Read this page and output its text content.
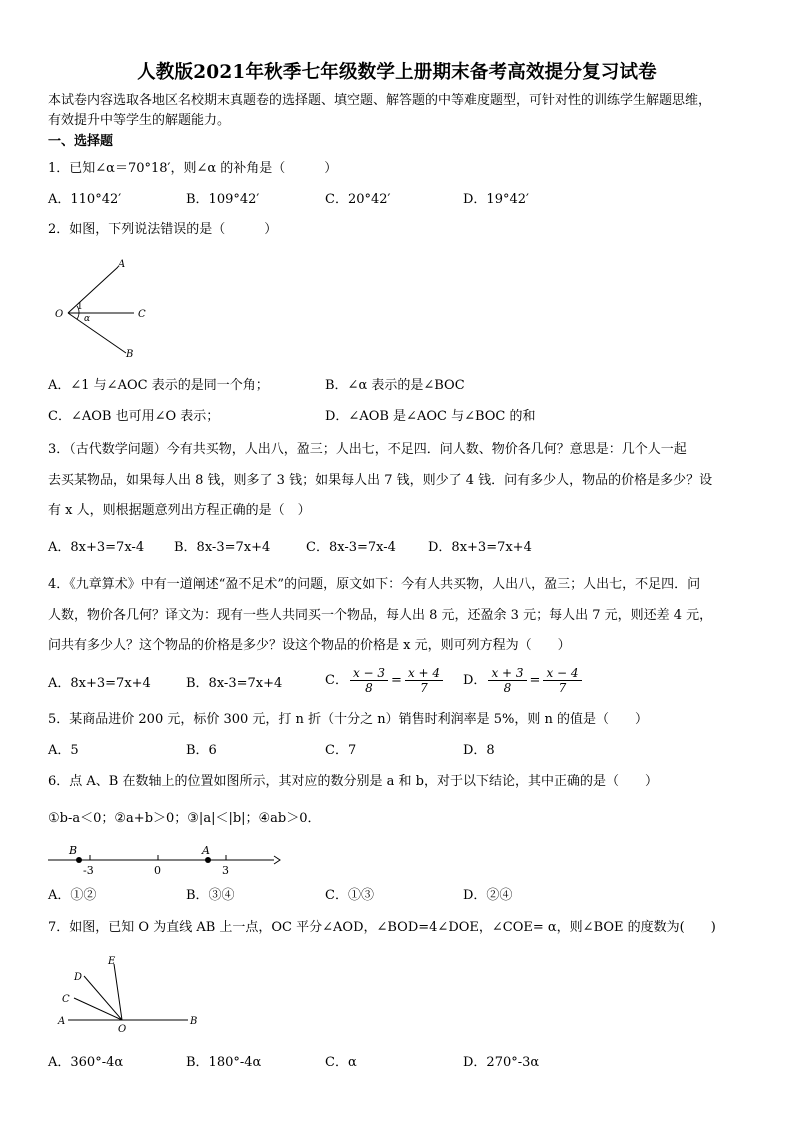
人教版2021年秋季七年级数学上册期末备考高效提分复习试卷
本试卷内容选取各地区名校期末真题卷的选择题、填空题、解答题的中等难度题型，可针对性的训练学生解题思维，
有效提升中等学生的解题能力。
一、选择题
1．已知∠α＝70°18′，则∠α 的补角是（　　　）
A．110°42′	B．109°42′	C．20°42′	D．19°42′
2．如图，下列说法错误的是（　　　）
A
O
1
α	C
B
A．∠1 与∠AOC 表示的是同一个角；	B．∠α 表示的是∠BOC
C．∠AOB 也可用∠O 表示；	D．∠AOB 是∠AOC 与∠BOC 的和
3．（古代数学问题）今有共买物，人出八，盈三；人出七，不足四．问人数、物价各几何？意思是：几个人一起
去买某物品，如果每人出 8 钱，则多了 3 钱；如果每人出 7 钱，则少了 4 钱．问有多少人，物品的价格是多少？设
有 x 人，则根据题意列出方程正确的是（　）
A．8x+3=7x-4 B．8x-3=7x+4	C．8x-3=7x-4 D．8x+3=7x+4
4．《九章算术》中有一道阐述“盈不足术”的问题，原文如下：今有人共买物，人出八，盈三；人出七，不足四．问
人数，物价各几何？译文为：现有一些人共同买一个物品，每人出 8 元，还盈余 3 元；每人出 7 元，则还差 4 元，
问共有多少人？这个物品的价格是多少？设这个物品的价格是 x 元，则可列方程为（　　）
A．8x+3=7x+4	B．8x-3=7x+4	C． $\frac{x - 3}{8} = \frac{x + 4}{7}$ D． $\frac{x + 3}{8} = \frac{x - 4}{7}$
5．某商品进价 200 元，标价 300 元，打 n 折（十分之 n）销售时利润率是 5%，则 n 的值是（　　）
A．5	B．6	C．7	D．8
6．点 A、B 在数轴上的位置如图所示，其对应的数分别是 a 和 b，对于以下结论，其中正确的是（　　）
①b-a＜0；②a+b＞0；③|a|＜|b|；④ab＞0．
B	A
-3	0	3
A．①②	B．③④	C．①③	D．②④
7．如图，已知 O 为直线 AB 上一点，OC 平分∠AOD，∠BOD=4∠DOE，∠COE= α，则∠BOE 的度数为(　　)
E
D
C
A
O
B
A．360°-4α	B．180°-4α	C．α	D．270°-3α
